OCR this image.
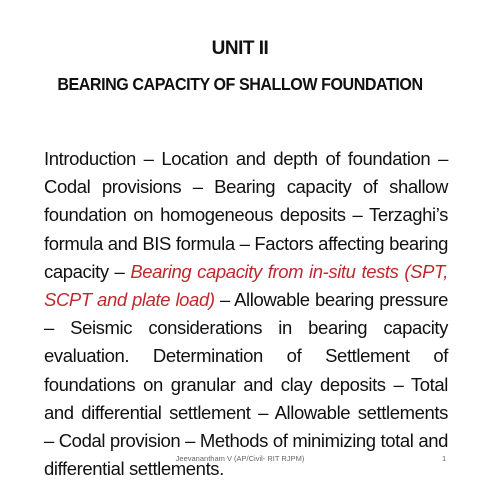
UNIT II
BEARING CAPACITY OF SHALLOW FOUNDATION
Introduction – Location and depth of foundation – Codal provisions – Bearing capacity of shallow foundation on homogeneous deposits – Terzaghi’s formula and BIS formula – Factors affecting bearing capacity – Bearing capacity from in-situ tests (SPT, SCPT and plate load) – Allowable bearing pressure – Seismic considerations in bearing capacity evaluation. Determination of Settlement of foundations on granular and clay deposits – Total and differential settlement – Allowable settlements – Codal provision – Methods of minimizing total and differential settlements.
Jeevanantham V (AP/Civil- RIT RJPM)	1
